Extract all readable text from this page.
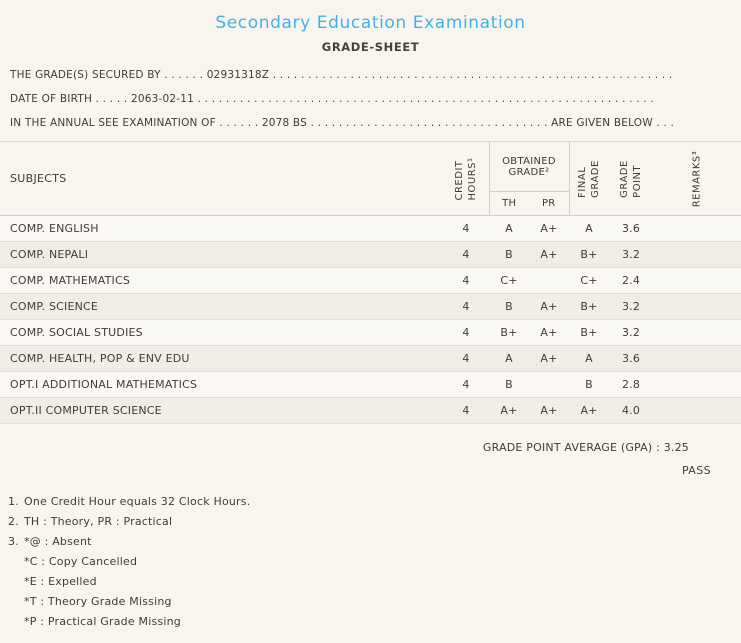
Secondary Education Examination
GRADE-SHEET
THE GRADE(S) SECURED BY . . . . . . 02931318Z . . . . . . . . . . . . . . . . . . . . . . . . . . . . . . . . . . . . . . . . . . . . . . . . . . . . . . . . .
DATE OF BIRTH . . . . . 2063-02-11 . . . . . . . . . . . . . . . . . . . . . . . . . . . . . . . . . . . . . . . . . . . . . . . . . . . . . . . . . . . . . . . . .
IN THE ANNUAL SEE EXAMINATION OF . . . . . . 2078 BS . . . . . . . . . . . . . . . . . . . . . . . . . . . . . . . . . . ARE GIVEN BELOW . . .
SUBJECTS	CREDIT HOURS¹	OBTAINED GRADE²		FINAL GRADE	GRADE POINT	REMARKS³

		TH	PR			
COMP. ENGLISH	4	A	A+	A	3.6	
COMP. NEPALI	4	B	A+	B+	3.2	
COMP. MATHEMATICS	4	C+		C+	2.4	
COMP. SCIENCE	4	B	A+	B+	3.2	
COMP. SOCIAL STUDIES	4	B+	A+	B+	3.2	
COMP. HEALTH, POP & ENV EDU	4	A	A+	A	3.6	
OPT.I ADDITIONAL MATHEMATICS	4	B		B	2.8	
OPT.II COMPUTER SCIENCE	4	A+	A+	A+	4.0	
GRADE POINT AVERAGE (GPA) : 3.25
PASS
1. One Credit Hour equals 32 Clock Hours.
2. TH : Theory, PR : Practical
3. *@ : Absent
*C : Copy Cancelled
*E : Expelled
*T : Theory Grade Missing
*P : Practical Grade Missing
